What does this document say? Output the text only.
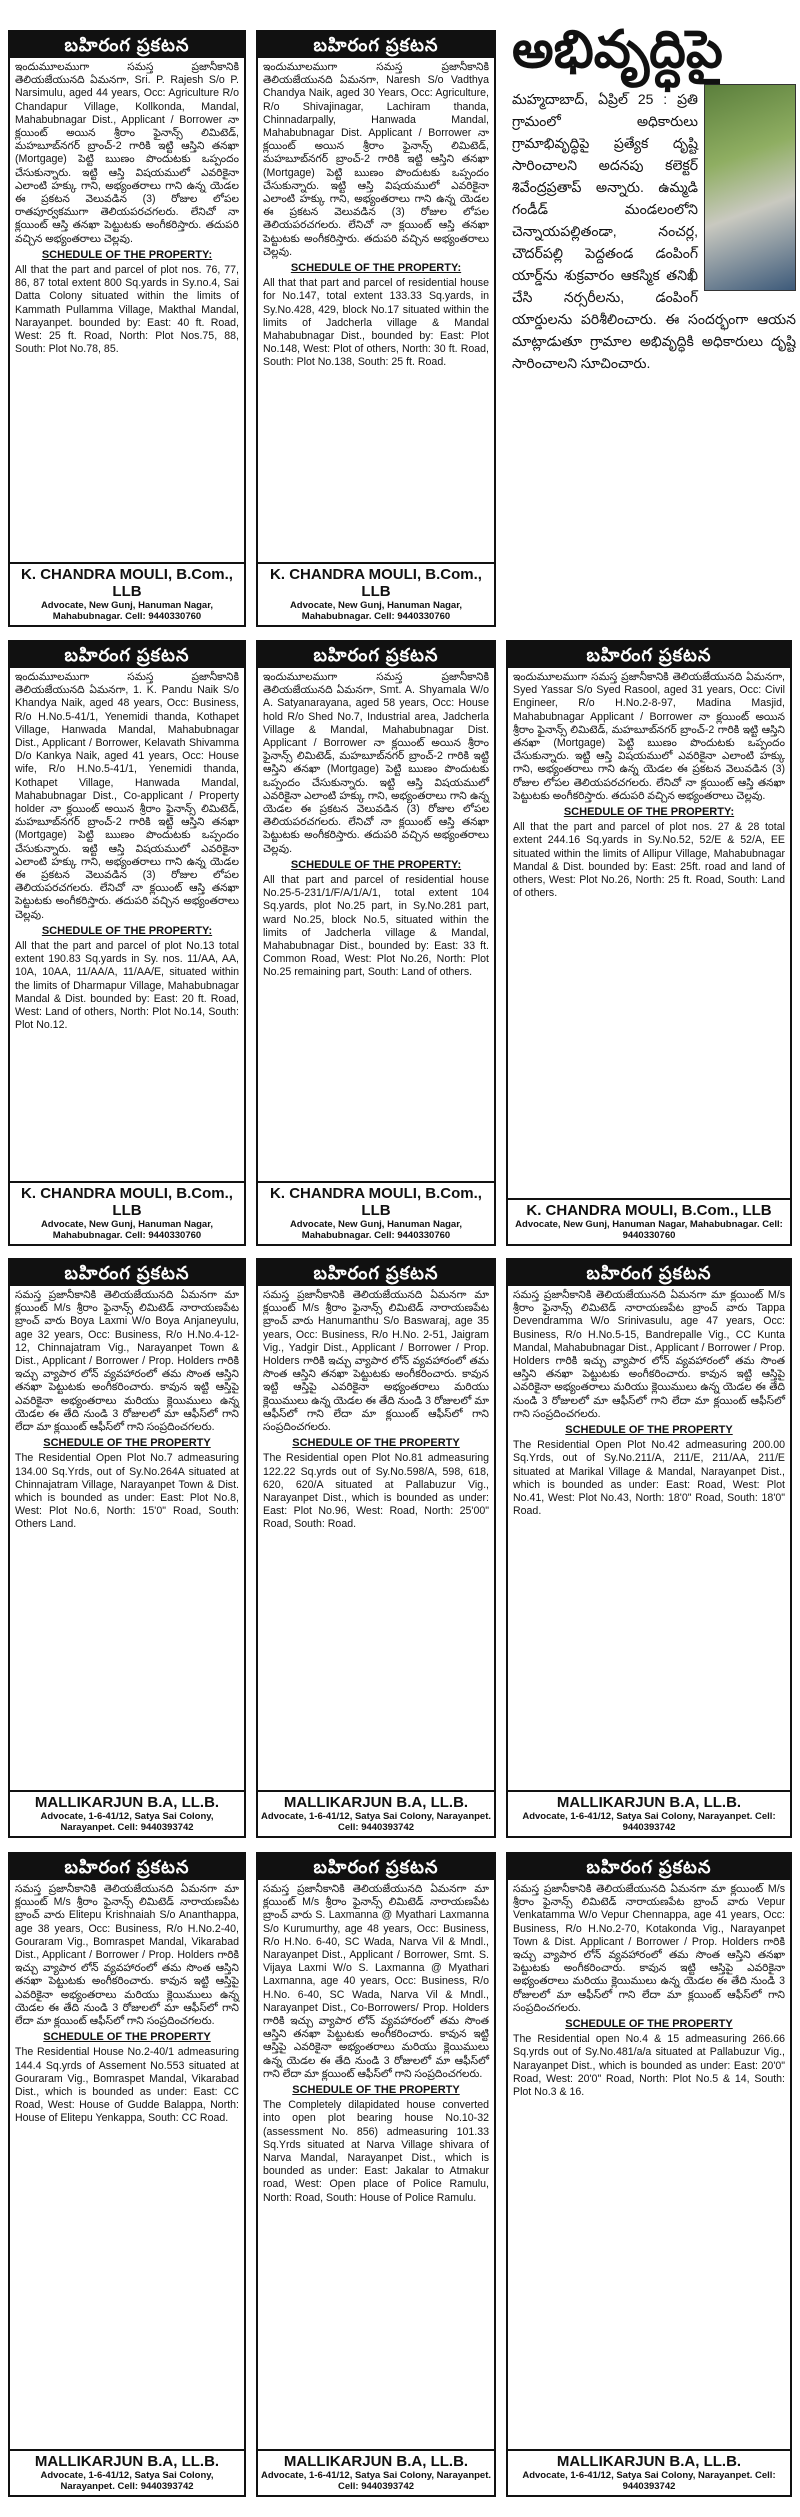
బహిరంగ ప్రకటన

ఇందుమూలముగా సమస్త ప్రజానీకానికి తెలియజేయునది ఏమనగా, Sri. P. Rajesh S/o P. Narsimulu, aged 44 years, Occ: Agriculture R/o Chandapur Village, Kollkonda, Mandal, Mahabubnagar Dist., Applicant / Borrower నా క్లయింట్ అయిన శ్రీరాం ఫైనాన్స్ లిమిటెడ్, మహబూబ్‌నగర్ బ్రాంచ్-2 గారికి ఇట్టి ఆస్తిని తనఖా (Mortgage) పెట్టి ఋణం పొందుటకు ఒప్పందం చేసుకున్నారు. ఇట్టి ఆస్తి విషయములో ఎవరికైనా ఎలాంటి హక్కు గాని, అభ్యంతరాలు గాని ఉన్న యెడల ఈ ప్రకటన వెలువడిన (3) రోజుల లోపల రాతపూర్వకముగా తెలియపరచగలరు. లేనిచో నా క్లయింట్ ఆస్తి తనఖా పెట్టుటకు అంగీకరిస్తారు. తదుపరి వచ్చిన అభ్యంతరాలు చెల్లవు.

SCHEDULE OF THE PROPERTY:

All that the part and parcel of plot nos. 76, 77, 86, 87 total extent 800 Sq.yards in Sy.no.4, Sai Datta Colony situated within the limits of Kammath Pullamma Village, Makthal Mandal, Narayanpet. bounded by: East: 40 ft. Road, West: 25 ft. Road, North: Plot Nos.75, 88, South: Plot No.78, 85.

K. CHANDRA MOULI, B.Com., LLB
Advocate, New Gunj, Hanuman Nagar, Mahabubnagar. Cell: 9440330760
బహిరంగ ప్రకటన

ఇందుమూలముగా సమస్త ప్రజానీకానికి తెలియజేయునది ఏమనగా, Naresh S/o Vadthya Chandya Naik, aged 30 Years, Occ: Agriculture, R/o Shivajinagar, Lachiram thanda, Chinnadarpally, Hanwada Mandal, Mahabubnagar Dist. Applicant / Borrower నా క్లయింట్ అయిన శ్రీరాం ఫైనాన్స్ లిమిటెడ్, మహబూబ్‌నగర్ బ్రాంచ్-2 గారికి ఇట్టి ఆస్తిని తనఖా (Mortgage) పెట్టి ఋణం పొందుటకు ఒప్పందం చేసుకున్నారు. ఇట్టి ఆస్తి విషయములో ఎవరికైనా ఎలాంటి హక్కు గాని, అభ్యంతరాలు గాని ఉన్న యెడల ఈ ప్రకటన వెలువడిన (3) రోజుల లోపల తెలియపరచగలరు. లేనిచో నా క్లయింట్ ఆస్తి తనఖా పెట్టుటకు అంగీకరిస్తారు. తదుపరి వచ్చిన అభ్యంతరాలు చెల్లవు.

SCHEDULE OF THE PROPERTY:

All that that part and parcel of residential house for No.147, total extent 133.33 Sq.yards, in Sy.No.428, 429, block No.17 situated within the limits of Jadcherla village & Mandal Mahabubnagar Dist., bounded by: East: Plot No.148, West: Plot of others, North: 30 ft. Road, South: Plot No.138, South: 25 ft. Road.

K. CHANDRA MOULI, B.Com., LLB
Advocate, New Gunj, Hanuman Nagar, Mahabubnagar. Cell: 9440330760
అభివృద్ధిపై
మహ్మదాబాద్, ఏప్రిల్ 25 : ప్రతి గ్రామంలో అధికారులు గ్రామాభివృద్ధిపై ప్రత్యేక దృష్టి సారించాలని అదనపు కలెక్టర్ శివేంద్రప్రతాప్ అన్నారు. ఉమ్మడి గండీడ్ మండలంలోని చెన్నాయపల్లితండా, నంచర్ల, చౌదర్‌పల్లి పెద్దతండ డంపింగ్ యార్డ్‌ను శుక్రవారం ఆకస్మిక తనిఖీ చేసి నర్సరీలను, డంపింగ్ యార్డులను పరిశీలించారు. ఈ సందర్భంగా ఆయన మాట్లాడుతూ గ్రామాల అభివృద్ధికి అధికారులు దృష్టి సారించాలని సూచించారు.
బహిరంగ ప్రకటన

ఇందుమూలముగా సమస్త ప్రజానీకానికి తెలియజేయునది ఏమనగా, 1. K. Pandu Naik S/o Khandya Naik, aged 48 years, Occ: Business, R/o H.No.5-41/1, Yenemidi thanda, Kothapet Village, Hanwada Mandal, Mahabubnagar Dist., Applicant / Borrower, Kelavath Shivamma D/o Kankya Naik, aged 41 years, Occ: House wife, R/o H.No.5-41/1, Yenemidi thanda, Kothapet Village, Hanwada Mandal, Mahabubnagar Dist., Co-applicant / Property holder నా క్లయింట్ అయిన శ్రీరాం ఫైనాన్స్ లిమిటెడ్, మహబూబ్‌నగర్ బ్రాంచ్-2 గారికి ఇట్టి ఆస్తిని తనఖా (Mortgage) పెట్టి ఋణం పొందుటకు ఒప్పందం చేసుకున్నారు. ఇట్టి ఆస్తి విషయములో ఎవరికైనా ఎలాంటి హక్కు గాని, అభ్యంతరాలు గాని ఉన్న యెడల ఈ ప్రకటన వెలువడిన (3) రోజుల లోపల తెలియపరచగలరు. లేనిచో నా క్లయింట్ ఆస్తి తనఖా పెట్టుటకు అంగీకరిస్తారు. తదుపరి వచ్చిన అభ్యంతరాలు చెల్లవు.

SCHEDULE OF THE PROPERTY:

All that the part and parcel of plot No.13 total extent 190.83 Sq.yards in Sy. nos. 11/AA, AA, 10A, 10AA, 11/AA/A, 11/AA/E, situated within the limits of Dharmapur Village, Mahabubnagar Mandal & Dist. bounded by: East: 20 ft. Road, West: Land of others, North: Plot No.14, South: Plot No.12.

K. CHANDRA MOULI, B.Com., LLB
Advocate, New Gunj, Hanuman Nagar, Mahabubnagar. Cell: 9440330760
బహిరంగ ప్రకటన

ఇందుమూలముగా సమస్త ప్రజానీకానికి తెలియజేయునది ఏమనగా, Smt. A. Shyamala W/o A. Satyanarayana, aged 58 years, Occ: House hold R/o Shed No.7, Industrial area, Jadcherla Village & Mandal, Mahabubnagar Dist. Applicant / Borrower నా క్లయింట్ అయిన శ్రీరాం ఫైనాన్స్ లిమిటెడ్, మహబూబ్‌నగర్ బ్రాంచ్-2 గారికి ఇట్టి ఆస్తిని తనఖా (Mortgage) పెట్టి ఋణం పొందుటకు ఒప్పందం చేసుకున్నారు. ఇట్టి ఆస్తి విషయములో ఎవరికైనా ఎలాంటి హక్కు గాని, అభ్యంతరాలు గాని ఉన్న యెడల ఈ ప్రకటన వెలువడిన (3) రోజుల లోపల తెలియపరచగలరు. లేనిచో నా క్లయింట్ ఆస్తి తనఖా పెట్టుటకు అంగీకరిస్తారు. తదుపరి వచ్చిన అభ్యంతరాలు చెల్లవు.

SCHEDULE OF THE PROPERTY:

All that part and parcel of residential house No.25-5-231/1/F/A/1/A/1, total extent 104 Sq.yards, plot No.25 part, in Sy.No.281 part, ward No.25, block No.5, situated within the limits of Jadcherla village & Mandal, Mahabubnagar Dist., bounded by: East: 33 ft. Common Road, West: Plot No.26, North: Plot No.25 remaining part, South: Land of others.

K. CHANDRA MOULI, B.Com., LLB
Advocate, New Gunj, Hanuman Nagar, Mahabubnagar. Cell: 9440330760
బహిరంగ ప్రకటన

ఇందుమూలముగా సమస్త ప్రజానీకానికి తెలియజేయునది ఏమనగా, Syed Yassar S/o Syed Rasool, aged 31 years, Occ: Civil Engineer, R/o H.No.2-8-97, Madina Masjid, Mahabubnagar Applicant / Borrower నా క్లయింట్ అయిన శ్రీరాం ఫైనాన్స్ లిమిటెడ్, మహబూబ్‌నగర్ బ్రాంచ్-2 గారికి ఇట్టి ఆస్తిని తనఖా (Mortgage) పెట్టి ఋణం పొందుటకు ఒప్పందం చేసుకున్నారు. ఇట్టి ఆస్తి విషయములో ఎవరికైనా ఎలాంటి హక్కు గాని, అభ్యంతరాలు గాని ఉన్న యెడల ఈ ప్రకటన వెలువడిన (3) రోజుల లోపల తెలియపరచగలరు. లేనిచో నా క్లయింట్ ఆస్తి తనఖా పెట్టుటకు అంగీకరిస్తారు. తదుపరి వచ్చిన అభ్యంతరాలు చెల్లవు.

SCHEDULE OF THE PROPERTY:

All that the part and parcel of plot nos. 27 & 28 total extent 244.16 Sq.yards in Sy.No.52, 52/E & 52/A, EE situated within the limits of Allipur Village, Mahabubnagar Mandal & Dist. bounded by: East: 25ft. road and land of others, West: Plot No.26, North: 25 ft. Road, South: Land of others.

K. CHANDRA MOULI, B.Com., LLB
Advocate, New Gunj, Hanuman Nagar, Mahabubnagar. Cell: 9440330760
బహిరంగ ప్రకటన

సమస్త ప్రజానీకానికి తెలియజేయునది ఏమనగా మా క్లయింట్ M/s శ్రీరాం ఫైనాన్స్ లిమిటెడ్ నారాయణపేట బ్రాంచ్ వారు Boya Laxmi W/o Boya Anjaneyulu, age 32 years, Occ: Business, R/o H.No.4-12-12, Chinnajatram Vig., Narayanpet Town & Dist., Applicant / Borrower / Prop. Holders గారికి ఇచ్చు వ్యాపార లోన్ వ్యవహారంలో తమ సొంత ఆస్తిని తనఖా పెట్టుటకు అంగీకరించారు. కావున ఇట్టి ఆస్తిపై ఎవరికైనా అభ్యంతరాలు మరియు క్లెయిములు ఉన్న యెడల ఈ తేది నుండి 3 రోజులలో మా ఆఫీస్‌లో గాని లేదా మా క్లయింట్ ఆఫీస్‌లో గాని సంప్రదించగలరు.

SCHEDULE OF THE PROPERTY

The Residential Open Plot No.7 admeasuring 134.00 Sq.Yrds, out of Sy.No.264A situated at Chinnajatram Village, Narayanpet Town & Dist. which is bounded as under: East: Plot No.8, West: Plot No.6, North: 15'0" Road, South: Others Land.

MALLIKARJUN B.A, LL.B.
Advocate, 1-6-41/12, Satya Sai Colony, Narayanpet. Cell: 9440393742
బహిరంగ ప్రకటన

సమస్త ప్రజానీకానికి తెలియజేయునది ఏమనగా మా క్లయింట్ M/s శ్రీరాం ఫైనాన్స్ లిమిటెడ్ నారాయణపేట బ్రాంచ్ వారు Hanumanthu S/o Baswaraj, age 35 years, Occ: Business, R/o H.No. 2-51, Jaigram Vig., Yadgir Dist., Applicant / Borrower / Prop. Holders గారికి ఇచ్చు వ్యాపార లోన్ వ్యవహారంలో తమ సొంత ఆస్తిని తనఖా పెట్టుటకు అంగీకరించారు. కావున ఇట్టి ఆస్తిపై ఎవరికైనా అభ్యంతరాలు మరియు క్లెయిములు ఉన్న యెడల ఈ తేది నుండి 3 రోజులలో మా ఆఫీస్‌లో గాని లేదా మా క్లయింట్ ఆఫీస్‌లో గాని సంప్రదించగలరు.

SCHEDULE OF THE PROPERTY

The Residential open Plot No.81 admeasuring 122.22 Sq.yrds out of Sy.No.598/A, 598, 618, 620, 620/A situated at Pallabuzur Vig., Narayanpet Dist., which is bounded as under: East: Plot No.96, West: Road, North: 25'00" Road, South: Road.

MALLIKARJUN B.A, LL.B.
Advocate, 1-6-41/12, Satya Sai Colony, Narayanpet. Cell: 9440393742
బహిరంగ ప్రకటన

సమస్త ప్రజానీకానికి తెలియజేయునది ఏమనగా మా క్లయింట్ M/s శ్రీరాం ఫైనాన్స్ లిమిటెడ్ నారాయణపేట బ్రాంచ్ వారు Tappa Devendramma W/o Srinivasulu, age 47 years, Occ: Business, R/o H.No.5-15, Bandrepalle Vig., CC Kunta Mandal, Mahabubnagar Dist., Applicant / Borrower / Prop. Holders గారికి ఇచ్చు వ్యాపార లోన్ వ్యవహారంలో తమ సొంత ఆస్తిని తనఖా పెట్టుటకు అంగీకరించారు. కావున ఇట్టి ఆస్తిపై ఎవరికైనా అభ్యంతరాలు మరియు క్లెయిములు ఉన్న యెడల ఈ తేది నుండి 3 రోజులలో మా ఆఫీస్‌లో గాని లేదా మా క్లయింట్ ఆఫీస్‌లో గాని సంప్రదించగలరు.

SCHEDULE OF THE PROPERTY

The Residential Open Plot No.42 admeasuring 200.00 Sq.Yrds, out of Sy.No.211/A, 211/E, 211/AA, 211/E situated at Marikal Village & Mandal, Narayanpet Dist., which is bounded as under: East: Road, West: Plot No.41, West: Plot No.43, North: 18'0" Road, South: 18'0" Road.

MALLIKARJUN B.A, LL.B.
Advocate, 1-6-41/12, Satya Sai Colony, Narayanpet. Cell: 9440393742
బహిరంగ ప్రకటన

సమస్త ప్రజానీకానికి తెలియజేయునది ఏమనగా మా క్లయింట్ M/s శ్రీరాం ఫైనాన్స్ లిమిటెడ్ నారాయణపేట బ్రాంచ్ వారు Elitepu Krishnaiah S/o Ananthappa, age 38 years, Occ: Business, R/o H.No.2-40, Gouraram Vig., Bomraspet Mandal, Vikarabad Dist., Applicant / Borrower / Prop. Holders గారికి ఇచ్చు వ్యాపార లోన్ వ్యవహారంలో తమ సొంత ఆస్తిని తనఖా పెట్టుటకు అంగీకరించారు. కావున ఇట్టి ఆస్తిపై ఎవరికైనా అభ్యంతరాలు మరియు క్లెయిములు ఉన్న యెడల ఈ తేది నుండి 3 రోజులలో మా ఆఫీస్‌లో గాని లేదా మా క్లయింట్ ఆఫీస్‌లో గాని సంప్రదించగలరు.

SCHEDULE OF THE PROPERTY

The Residential House No.2-40/1 admeasuring 144.4 Sq.yrds of Assement No.553 situated at Gouraram Vig., Bomraspet Mandal, Vikarabad Dist., which is bounded as under: East: CC Road, West: House of Gudde Balappa, North: House of Elitepu Yenkappa, South: CC Road.

MALLIKARJUN B.A, LL.B.
Advocate, 1-6-41/12, Satya Sai Colony, Narayanpet. Cell: 9440393742
బహిరంగ ప్రకటన

సమస్త ప్రజానీకానికి తెలియజేయునది ఏమనగా మా క్లయింట్ M/s శ్రీరాం ఫైనాన్స్ లిమిటెడ్ నారాయణపేట బ్రాంచ్ వారు S. Laxmanna @ Myathari Laxmanna S/o Kurumurthy, age 48 years, Occ: Business, R/o H.No. 6-40, SC Wada, Narva Vil & Mndl., Narayanpet Dist., Applicant / Borrower, Smt. S. Vijaya Laxmi W/o S. Laxmanna @ Myathari Laxmanna, age 40 years, Occ: Business, R/o H.No. 6-40, SC Wada, Narva Vil & Mndl., Narayanpet Dist., Co-Borrowers/ Prop. Holders గారికి ఇచ్చు వ్యాపార లోన్ వ్యవహారంలో తమ సొంత ఆస్తిని తనఖా పెట్టుటకు అంగీకరించారు. కావున ఇట్టి ఆస్తిపై ఎవరికైనా అభ్యంతరాలు మరియు క్లెయిములు ఉన్న యెడల ఈ తేది నుండి 3 రోజులలో మా ఆఫీస్‌లో గాని లేదా మా క్లయింట్ ఆఫీస్‌లో గాని సంప్రదించగలరు.

SCHEDULE OF THE PROPERTY

The Completely dilapidated house converted into open plot bearing house No.10-32 (assessment No. 856) admeasuring 101.33 Sq.Yrds situated at Narva Village shivara of Narva Mandal, Narayanpet Dist., which is bounded as under: East: Jakalar to Atmakur road, West: Open place of Police Ramulu, North: Road, South: House of Police Ramulu.

MALLIKARJUN B.A, LL.B.
Advocate, 1-6-41/12, Satya Sai Colony, Narayanpet. Cell: 9440393742
బహిరంగ ప్రకటన

సమస్త ప్రజానీకానికి తెలియజేయునది ఏమనగా మా క్లయింట్ M/s శ్రీరాం ఫైనాన్స్ లిమిటెడ్ నారాయణపేట బ్రాంచ్ వారు Vepur Venkatamma W/o Vepur Chennappa, age 41 years, Occ: Business, R/o H.No.2-70, Kotakonda Vig., Narayanpet Town & Dist. Applicant / Borrower / Prop. Holders గారికి ఇచ్చు వ్యాపార లోన్ వ్యవహారంలో తమ సొంత ఆస్తిని తనఖా పెట్టుటకు అంగీకరించారు. కావున ఇట్టి ఆస్తిపై ఎవరికైనా అభ్యంతరాలు మరియు క్లెయిములు ఉన్న యెడల ఈ తేది నుండి 3 రోజులలో మా ఆఫీస్‌లో గాని లేదా మా క్లయింట్ ఆఫీస్‌లో గాని సంప్రదించగలరు.

SCHEDULE OF THE PROPERTY

The Residential open No.4 & 15 admeasuring 266.66 Sq.yrds out of Sy.No.481/a/a situated at Pallabuzur Vig., Narayanpet Dist., which is bounded as under: East: 20'0" Road, West: 20'0" Road, North: Plot No.5 & 14, South: Plot No.3 & 16.

MALLIKARJUN B.A, LL.B.
Advocate, 1-6-41/12, Satya Sai Colony, Narayanpet. Cell: 9440393742
